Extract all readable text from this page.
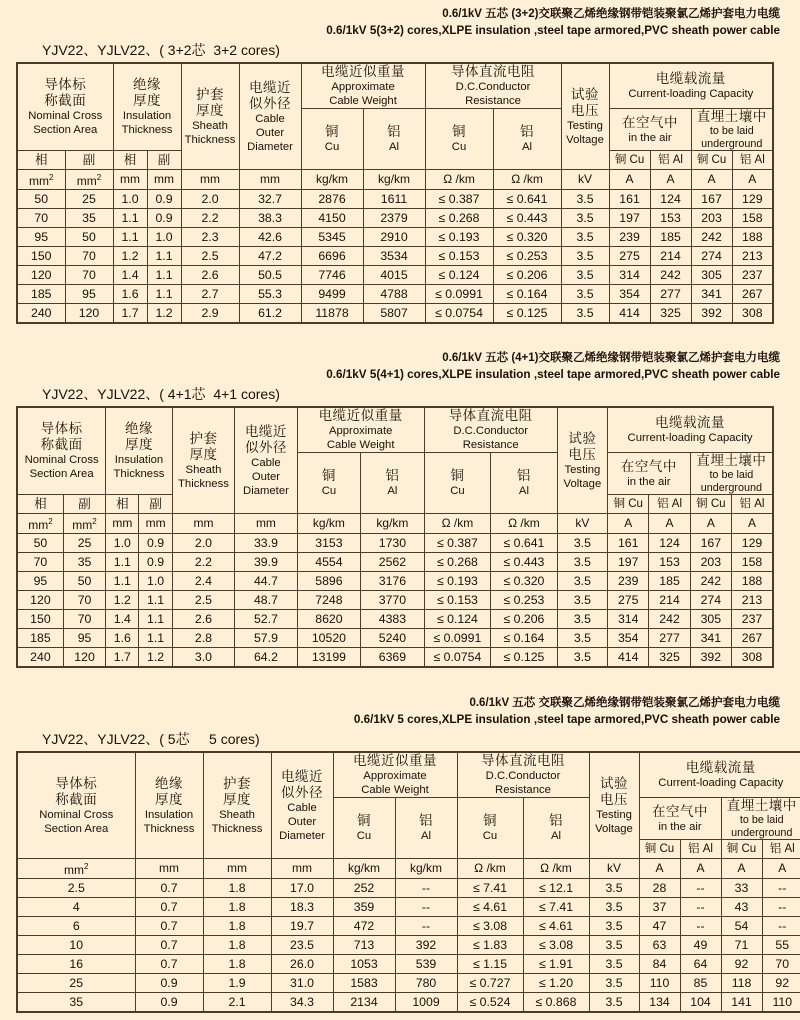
0.6/1kV 五芯 (3+2)交联聚乙烯绝缘钢带铠装聚氯乙烯护套电力电缆
0.6/1kV 5(3+2) cores,XLPE insulation ,steel tape armored,PVC sheath power cable
YJV22、YJLV22、( 3+2芯  3+2 cores)
导体标
称截面
Nominal Cross
Section Area		绝缘
厚度
Insulation
Thickness		护套
厚度
Sheath
Thickness	电缆近
似外径
Cable
Outer
Diameter	电缆近似重量
Approximate
Cable Weight		导体直流电阻
D.C.Conductor
Resistance		试验
电压
Testing
Voltage	电缆载流量
Current-loading Capacity			

						铜
Cu	铝
Al	铜
Cu	铝
Al		在空气中
in the air		直埋土壤中
to be laid
underground	

相	副	相	副								铜 Cu	铝 Al	铜 Cu	铝 Al
$mm^2$	$mm^2$	mm	mm	mm	mm	kg/km	kg/km	Ω /km	Ω /km	kV	A	A	A	A
50	25	1.0	0.9	2.0	32.7	2876	1611	≤ 0.387	≤ 0.641	3.5	161	124	167	129
70	35	1.1	0.9	2.2	38.3	4150	2379	≤ 0.268	≤ 0.443	3.5	197	153	203	158
95	50	1.1	1.0	2.3	42.6	5345	2910	≤ 0.193	≤ 0.320	3.5	239	185	242	188
150	70	1.2	1.1	2.5	47.2	6696	3534	≤ 0.153	≤ 0.253	3.5	275	214	274	213
120	70	1.4	1.1	2.6	50.5	7746	4015	≤ 0.124	≤ 0.206	3.5	314	242	305	237
185	95	1.6	1.1	2.7	55.3	9499	4788	≤ 0.0991	≤ 0.164	3.5	354	277	341	267
240	120	1.7	1.2	2.9	61.2	11878	5807	≤ 0.0754	≤ 0.125	3.5	414	325	392	308
0.6/1kV 五芯 (4+1)交联聚乙烯绝缘钢带铠装聚氯乙烯护套电力电缆
0.6/1kV 5(4+1) cores,XLPE insulation ,steel tape armored,PVC sheath power cable
YJV22、YJLV22、( 4+1芯  4+1 cores)
导体标
称截面
Nominal Cross
Section Area		绝缘
厚度
Insulation
Thickness		护套
厚度
Sheath
Thickness	电缆近
似外径
Cable
Outer
Diameter	电缆近似重量
Approximate
Cable Weight		导体直流电阻
D.C.Conductor
Resistance		试验
电压
Testing
Voltage	电缆载流量
Current-loading Capacity			

						铜
Cu	铝
Al	铜
Cu	铝
Al		在空气中
in the air		直埋土壤中
to be laid
underground	

相	副	相	副								铜 Cu	铝 Al	铜 Cu	铝 Al
$mm^2$	$mm^2$	mm	mm	mm	mm	kg/km	kg/km	Ω /km	Ω /km	kV	A	A	A	A
50	25	1.0	0.9	2.0	33.9	3153	1730	≤ 0.387	≤ 0.641	3.5	161	124	167	129
70	35	1.1	0.9	2.2	39.9	4554	2562	≤ 0.268	≤ 0.443	3.5	197	153	203	158
95	50	1.1	1.0	2.4	44.7	5896	3176	≤ 0.193	≤ 0.320	3.5	239	185	242	188
120	70	1.2	1.1	2.5	48.7	7248	3770	≤ 0.153	≤ 0.253	3.5	275	214	274	213
150	70	1.4	1.1	2.6	52.7	8620	4383	≤ 0.124	≤ 0.206	3.5	314	242	305	237
185	95	1.6	1.1	2.8	57.9	10520	5240	≤ 0.0991	≤ 0.164	3.5	354	277	341	267
240	120	1.7	1.2	3.0	64.2	13199	6369	≤ 0.0754	≤ 0.125	3.5	414	325	392	308
0.6/1kV 五芯 交联聚乙烯绝缘钢带铠装聚氯乙烯护套电力电缆
0.6/1kV 5 cores,XLPE insulation ,steel tape armored,PVC sheath power cable
YJV22、YJLV22、( 5芯     5 cores)
导体标
称截面
Nominal Cross
Section Area	绝缘
厚度
Insulation
Thickness	护套
厚度
Sheath
Thickness	电缆近
似外径
Cable
Outer
Diameter	电缆近似重量
Approximate
Cable Weight		导体直流电阻
D.C.Conductor
Resistance		试验
电压
Testing
Voltage	电缆载流量
Current-loading Capacity			

				铜
Cu	铝
Al	铜
Cu	铝
Al		在空气中
in the air		直埋土壤中
to be laid
underground	

									铜 Cu	铝 Al	铜 Cu	铝 Al
$mm^2$	mm	mm	mm	kg/km	kg/km	Ω /km	Ω /km	kV	A	A	A	A
2.5	0.7	1.8	17.0	252	--	≤ 7.41	≤ 12.1	3.5	28	--	33	--
4	0.7	1.8	18.3	359	--	≤ 4.61	≤ 7.41	3.5	37	--	43	--
6	0.7	1.8	19.7	472	--	≤ 3.08	≤ 4.61	3.5	47	--	54	--
10	0.7	1.8	23.5	713	392	≤ 1.83	≤ 3.08	3.5	63	49	71	55
16	0.7	1.8	26.0	1053	539	≤ 1.15	≤ 1.91	3.5	84	64	92	70
25	0.9	1.9	31.0	1583	780	≤ 0.727	≤ 1.20	3.5	110	85	118	92
35	0.9	2.1	34.3	2134	1009	≤ 0.524	≤ 0.868	3.5	134	104	141	110
